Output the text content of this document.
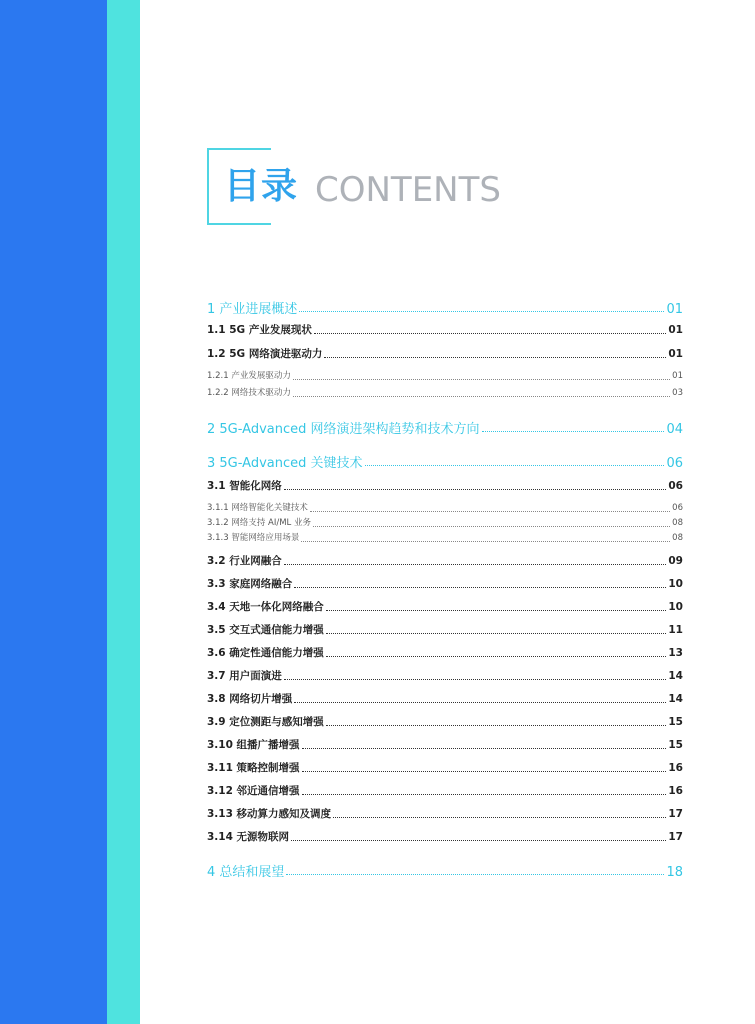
目录 CONTENTS
1 产业进展概述	01
1.1 5G 产业发展现状	01
1.2 5G 网络演进驱动力	01
1.2.1 产业发展驱动力	01
1.2.2 网络技术驱动力	03
2 5G-Advanced 网络演进架构趋势和技术方向	04
3 5G-Advanced 关键技术	06
3.1 智能化网络	06
3.1.1 网络智能化关键技术	06
3.1.2 网络支持 AI/ML 业务	08
3.1.3 智能网络应用场景	08
3.2 行业网融合	09
3.3 家庭网络融合	10
3.4 天地一体化网络融合	10
3.5 交互式通信能力增强	11
3.6 确定性通信能力增强	13
3.7 用户面演进	14
3.8 网络切片增强	14
3.9 定位测距与感知增强	15
3.10 组播广播增强	15
3.11 策略控制增强	16
3.12 邻近通信增强	16
3.13 移动算力感知及调度	17
3.14 无源物联网	17
4 总结和展望	18
